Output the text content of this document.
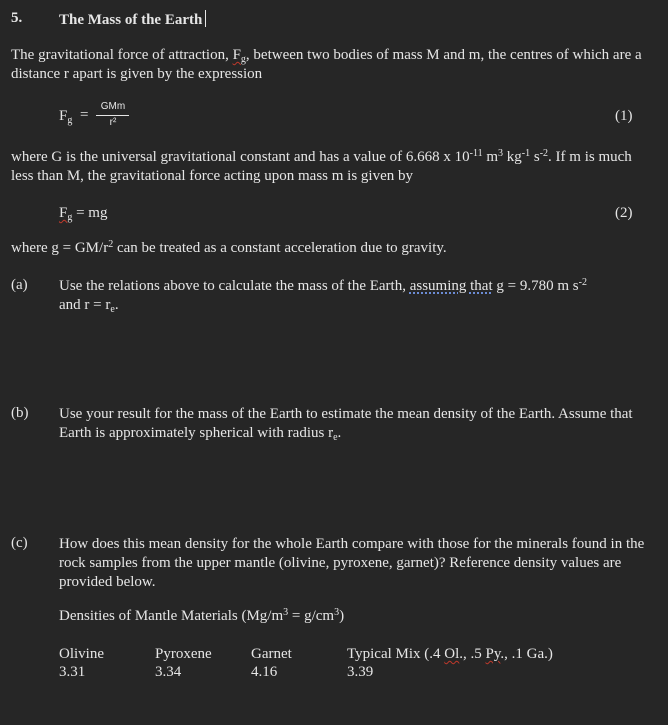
5. The Mass of the Earth
The gravitational force of attraction, $F_g$, between two bodies of mass M and m, the centres of which are a distance r apart is given by the expression
$F_g$ =
GMm
r²	(1)
where G is the universal gravitational constant and has a value of 6.668 x $10^{-11}$ $m^3$ $kg^{-1}$ $s^{-2}$. If m is much less than M, the gravitational force acting upon mass m is given by
$F_g$ = mg	(2)
where $g = GM/r^2$ can be treated as a constant acceleration due to gravity.
(a) Use the relations above to calculate the mass of the Earth, assuming that g = 9.780 m $s^{-2}$
and $r = r_e$.
(b) Use your result for the mass of the Earth to estimate the mean density of the Earth. Assume that Earth is approximately spherical with radius $r_e$.
(c) How does this mean density for the whole Earth compare with those for the minerals found in the rock samples from the upper mantle (olivine, pyroxene, garnet)? Reference density values are provided below.
Densities of Mantle Materials $(Mg/m^3 = g/cm^3)$
Olivine
3.31
Pyroxene
3.34
Garnet
4.16
Typical Mix (.4 Ol., .5 Py., .1 Ga.)
3.39
